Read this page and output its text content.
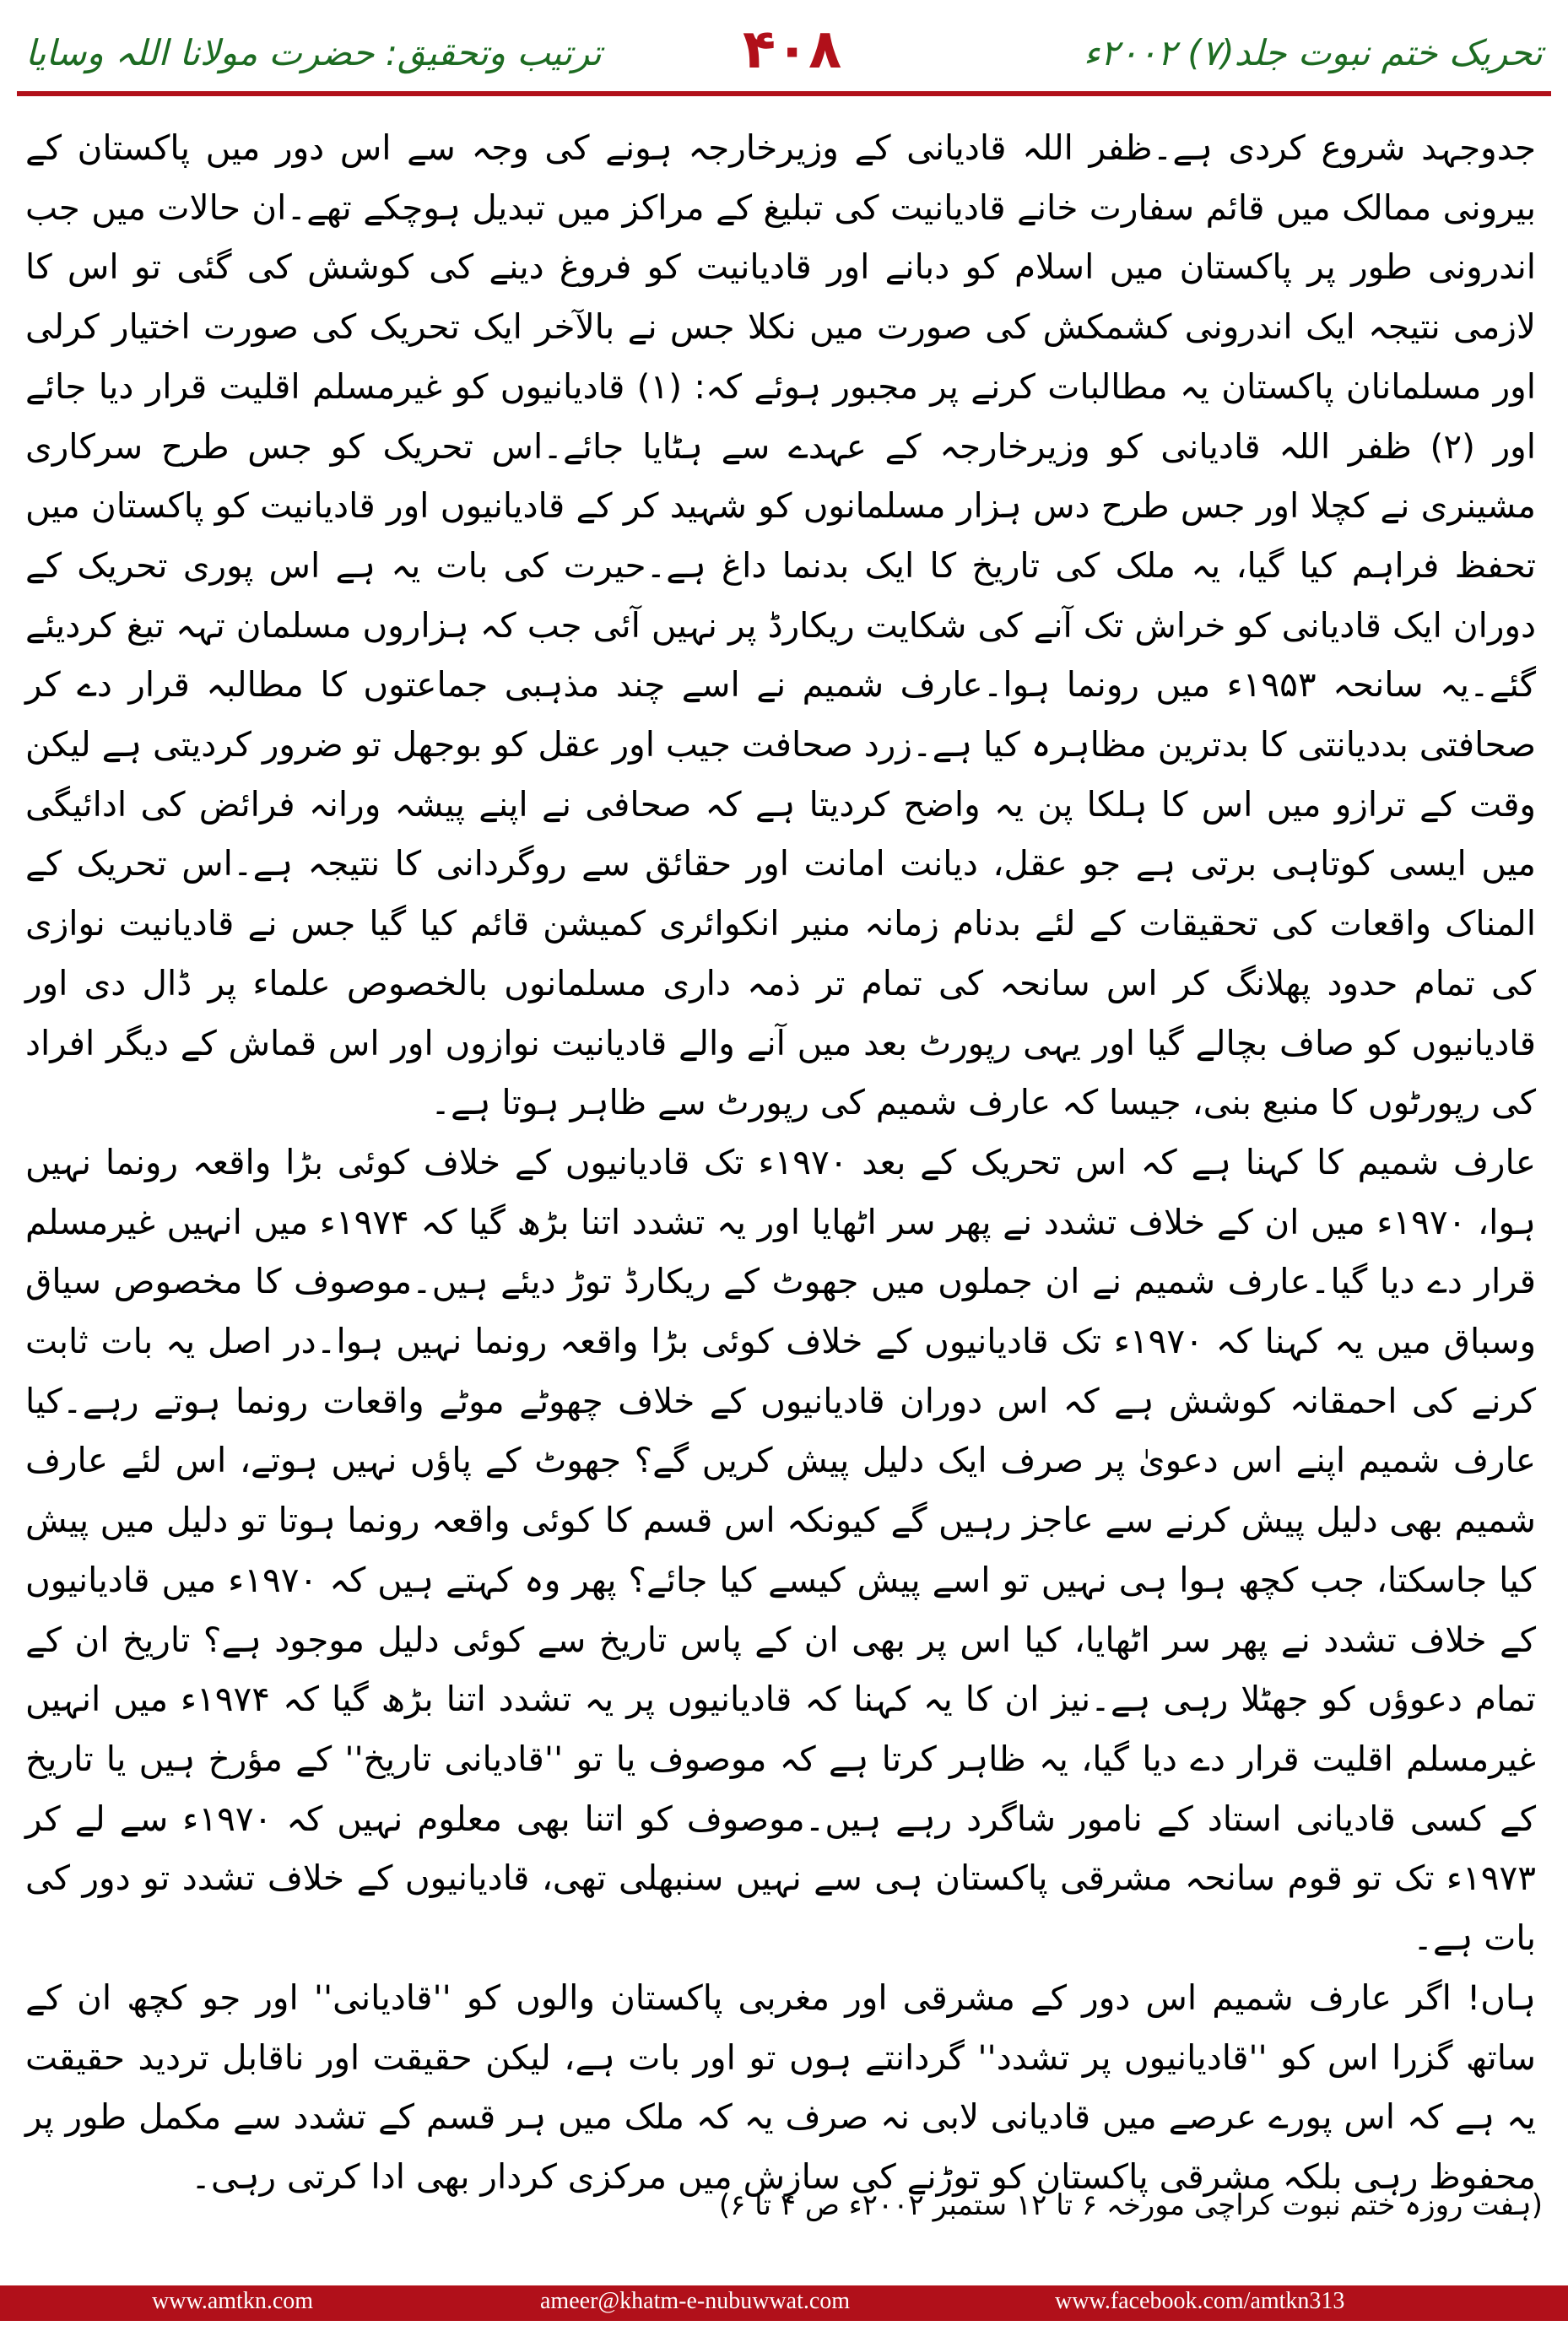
ترتیب وتحقیق: حضرت مولانا اللہ وسایا	۴۰۸	تحریک ختم نبوت جلد(۷) ۲۰۰۲ء

جدوجہد شروع کردی ہے۔ظفر اللہ قادیانی کے وزیرخارجہ ہونے کی وجہ سے اس دور میں پاکستان کے بیرونی ممالک میں قائم سفارت خانے قادیانیت کی تبلیغ کے مراکز میں تبدیل ہوچکے تھے۔ان حالات میں جب اندرونی طور پر پاکستان میں اسلام کو دبانے اور قادیانیت کو فروغ دینے کی کوشش کی گئی تو اس کا لازمی نتیجہ ایک اندرونی کشمکش کی صورت میں نکلا جس نے بالآخر ایک تحریک کی صورت اختیار کرلی اور مسلمانان پاکستان یہ مطالبات کرنے پر مجبور ہوئے کہ: (۱) قادیانیوں کو غیرمسلم اقلیت قرار دیا جائے اور (۲) ظفر اللہ قادیانی کو وزیرخارجہ کے عہدے سے ہٹایا جائے۔اس تحریک کو جس طرح سرکاری مشینری نے کچلا اور جس طرح دس ہزار مسلمانوں کو شہید کر کے قادیانیوں اور قادیانیت کو پاکستان میں تحفظ فراہم کیا گیا، یہ ملک کی تاریخ کا ایک بدنما داغ ہے۔حیرت کی بات یہ ہے اس پوری تحریک کے دوران ایک قادیانی کو خراش تک آنے کی شکایت ریکارڈ پر نہیں آئی جب کہ ہزاروں مسلمان تہہ تیغ کردیئے گئے۔یہ سانحہ ۱۹۵۳ء میں رونما ہوا۔عارف شمیم نے اسے چند مذہبی جماعتوں کا مطالبہ قرار دے کر صحافتی بددیانتی کا بدترین مظاہرہ کیا ہے۔زرد صحافت جیب اور عقل کو بوجھل تو ضرور کردیتی ہے لیکن وقت کے ترازو میں اس کا ہلکا پن یہ واضح کردیتا ہے کہ صحافی نے اپنے پیشہ ورانہ فرائض کی ادائیگی میں ایسی کوتاہی برتی ہے جو عقل، دیانت امانت اور حقائق سے روگردانی کا نتیجہ ہے۔اس تحریک کے المناک واقعات کی تحقیقات کے لئے بدنام زمانہ منیر انکوائری کمیشن قائم کیا گیا جس نے قادیانیت نوازی کی تمام حدود پھلانگ کر اس سانحہ کی تمام تر ذمہ داری مسلمانوں بالخصوص علماء پر ڈال دی اور قادیانیوں کو صاف بچالے گیا اور یہی رپورٹ بعد میں آنے والے قادیانیت نوازوں اور اس قماش کے دیگر افراد کی رپورٹوں کا منبع بنی، جیسا کہ عارف شمیم کی رپورٹ سے ظاہر ہوتا ہے۔

عارف شمیم کا کہنا ہے کہ اس تحریک کے بعد ۱۹۷۰ء تک قادیانیوں کے خلاف کوئی بڑا واقعہ رونما نہیں ہوا، ۱۹۷۰ء میں ان کے خلاف تشدد نے پھر سر اٹھایا اور یہ تشدد اتنا بڑھ گیا کہ ۱۹۷۴ء میں انہیں غیرمسلم قرار دے دیا گیا۔عارف شمیم نے ان جملوں میں جھوٹ کے ریکارڈ توڑ دیئے ہیں۔موصوف کا مخصوص سیاق وسباق میں یہ کہنا کہ ۱۹۷۰ء تک قادیانیوں کے خلاف کوئی بڑا واقعہ رونما نہیں ہوا۔در اصل یہ بات ثابت کرنے کی احمقانہ کوشش ہے کہ اس دوران قادیانیوں کے خلاف چھوٹے موٹے واقعات رونما ہوتے رہے۔کیا عارف شمیم اپنے اس دعویٰ پر صرف ایک دلیل پیش کریں گے؟ جھوٹ کے پاؤں نہیں ہوتے، اس لئے عارف شمیم بھی دلیل پیش کرنے سے عاجز رہیں گے کیونکہ اس قسم کا کوئی واقعہ رونما ہوتا تو دلیل میں پیش کیا جاسکتا، جب کچھ ہوا ہی نہیں تو اسے پیش کیسے کیا جائے؟ پھر وہ کہتے ہیں کہ ۱۹۷۰ء میں قادیانیوں کے خلاف تشدد نے پھر سر اٹھایا، کیا اس پر بھی ان کے پاس تاریخ سے کوئی دلیل موجود ہے؟ تاریخ ان کے تمام دعوؤں کو جھٹلا رہی ہے۔نیز ان کا یہ کہنا کہ قادیانیوں پر یہ تشدد اتنا بڑھ گیا کہ ۱۹۷۴ء میں انہیں غیرمسلم اقلیت قرار دے دیا گیا، یہ ظاہر کرتا ہے کہ موصوف یا تو ''قادیانی تاریخ'' کے مؤرخ ہیں یا تاریخ کے کسی قادیانی استاد کے نامور شاگرد رہے ہیں۔موصوف کو اتنا بھی معلوم نہیں کہ ۱۹۷۰ء سے لے کر ۱۹۷۳ء تک تو قوم سانحہ مشرقی پاکستان ہی سے نہیں سنبھلی تھی، قادیانیوں کے خلاف تشدد تو دور کی بات ہے۔

ہاں! اگر عارف شمیم اس دور کے مشرقی اور مغربی پاکستان والوں کو ''قادیانی'' اور جو کچھ ان کے ساتھ گزرا اس کو ''قادیانیوں پر تشدد'' گردانتے ہوں تو اور بات ہے، لیکن حقیقت اور ناقابل تردید حقیقت یہ ہے کہ اس پورے عرصے میں قادیانی لابی نہ صرف یہ کہ ملک میں ہر قسم کے تشدد سے مکمل طور پر محفوظ رہی بلکہ مشرقی پاکستان کو توڑنے کی سازش میں مرکزی کردار بھی ادا کرتی رہی۔

(ہفت روزہ ختم نبوت کراچی مورخہ ۶ تا ۱۲ ستمبر ۲۰۰۲ء ص ۴ تا ۶)
www.amtkn.com	ameer@khatm-e-nubuwwat.com	www.facebook.com/amtkn313
